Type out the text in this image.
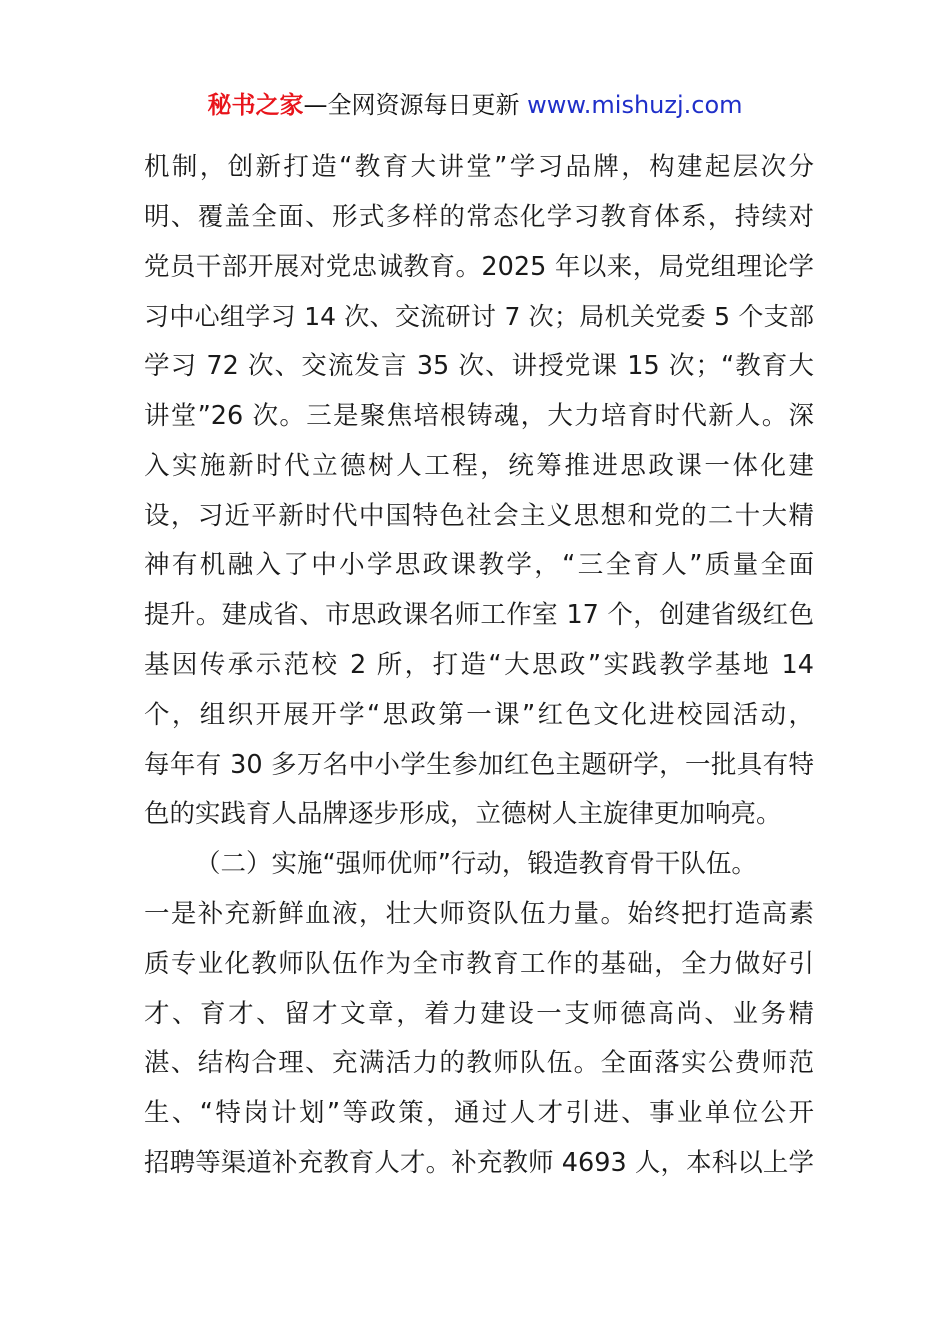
秘书之家—全网资源每日更新 www.mishuzj.com
机制，创新打造“教育大讲堂”学习品牌，构建起层次分
明、覆盖全面、形式多样的常态化学习教育体系，持续对
党员干部开展对党忠诚教育。2025 年以来，局党组理论学
习中心组学习 14 次、交流研讨 7 次；局机关党委 5 个支部
学习 72 次、交流发言 35 次、讲授党课 15 次；“教育大
讲堂”26 次。三是聚焦培根铸魂，大力培育时代新人。深
入实施新时代立德树人工程，统筹推进思政课一体化建
设，习近平新时代中国特色社会主义思想和党的二十大精
神有机融入了中小学思政课教学，“三全育人”质量全面
提升。建成省、市思政课名师工作室 17 个，创建省级红色
基因传承示范校 2 所，打造“大思政”实践教学基地 14
个，组织开展开学“思政第一课”红色文化进校园活动，
每年有 30 多万名中小学生参加红色主题研学，一批具有特
色的实践育人品牌逐步形成，立德树人主旋律更加响亮。
（二）实施“强师优师”行动，锻造教育骨干队伍。
一是补充新鲜血液，壮大师资队伍力量。始终把打造高素
质专业化教师队伍作为全市教育工作的基础，全力做好引
才、育才、留才文章，着力建设一支师德高尚、业务精
湛、结构合理、充满活力的教师队伍。全面落实公费师范
生、“特岗计划”等政策，通过人才引进、事业单位公开
招聘等渠道补充教育人才。补充教师 4693 人，本科以上学
